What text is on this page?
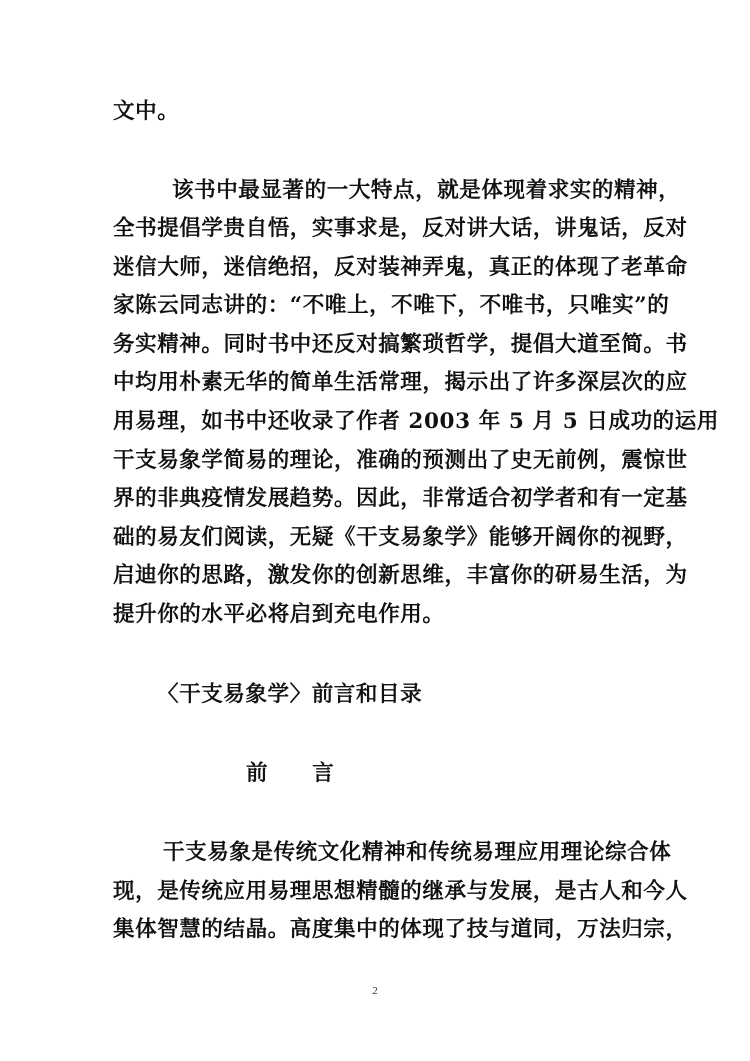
文中。
该书中最显著的一大特点，就是体现着求实的精神，
全书提倡学贵自悟，实事求是，反对讲大话，讲鬼话，反对
迷信大师，迷信绝招，反对装神弄鬼，真正的体现了老革命
家陈云同志讲的：“不唯上，不唯下，不唯书，只唯实”的
务实精神。同时书中还反对搞繁琐哲学，提倡大道至简。书
中均用朴素无华的简单生活常理，揭示出了许多深层次的应
用易理，如书中还收录了作者 2003 年 5 月 5 日成功的运用
干支易象学简易的理论，准确的预测出了史无前例，震惊世
界的非典疫情发展趋势。因此，非常适合初学者和有一定基
础的易友们阅读，无疑《干支易象学》能够开阔你的视野，
启迪你的思路，激发你的创新思维，丰富你的研易生活，为
提升你的水平必将启到充电作用。
〈干支易象学〉前言和目录
前　　言
干支易象是传统文化精神和传统易理应用理论综合体
现，是传统应用易理思想精髓的继承与发展，是古人和今人
集体智慧的结晶。高度集中的体现了技与道同，万法归宗，
2
